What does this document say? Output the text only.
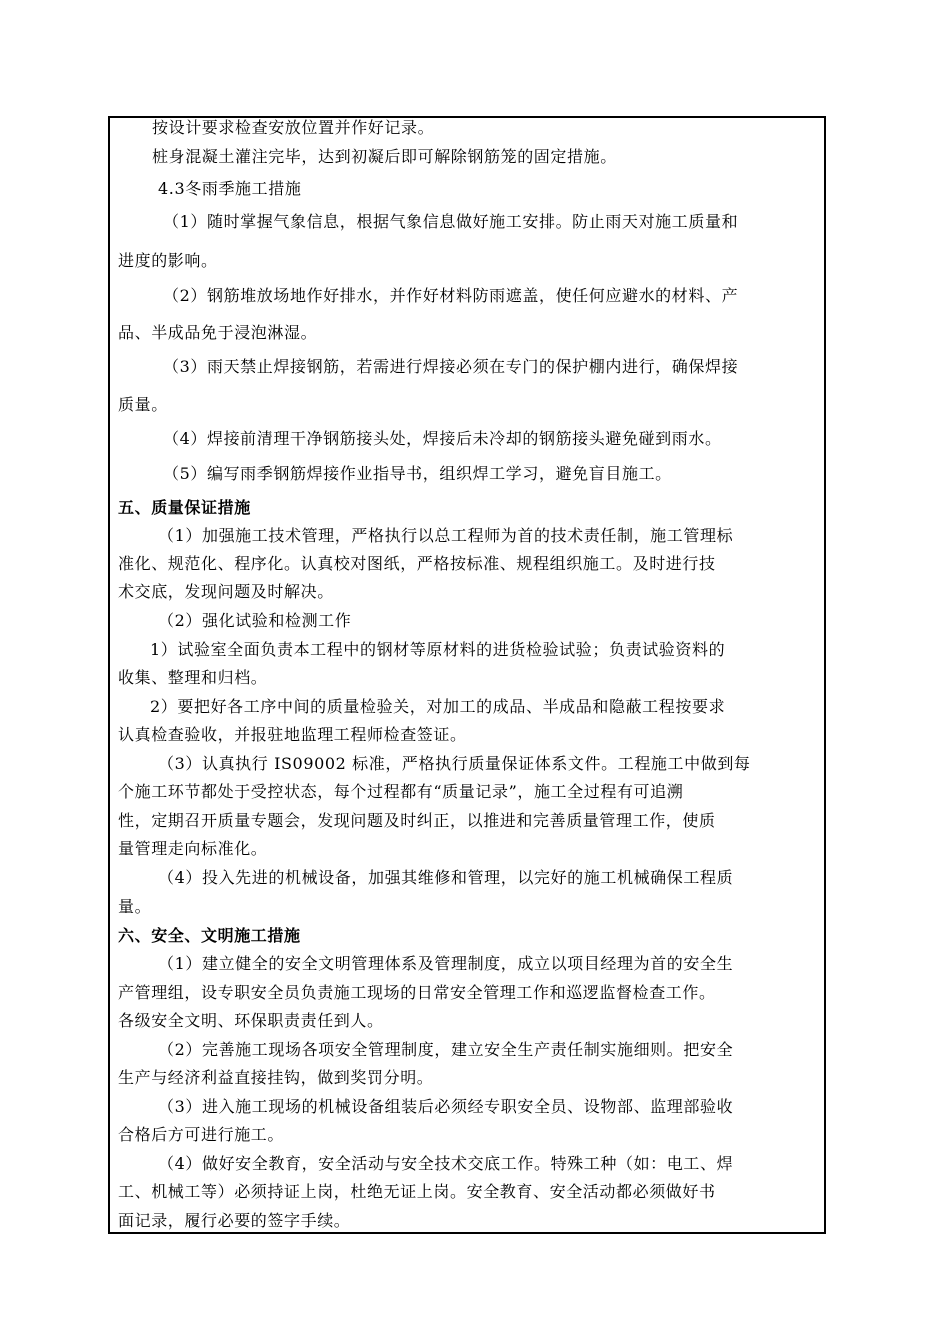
按设计要求检查安放位置并作好记录。
桩身混凝土灌注完毕，达到初凝后即可解除钢筋笼的固定措施。
4.3冬雨季施工措施
（1）随时掌握气象信息，根据气象信息做好施工安排。防止雨天对施工质量和
进度的影响。
（2）钢筋堆放场地作好排水，并作好材料防雨遮盖，使任何应避水的材料、产
品、半成品免于浸泡淋湿。
（3）雨天禁止焊接钢筋，若需进行焊接必须在专门的保护棚内进行，确保焊接
质量。
（4）焊接前清理干净钢筋接头处，焊接后未冷却的钢筋接头避免碰到雨水。
（5）编写雨季钢筋焊接作业指导书，组织焊工学习，避免盲目施工。
五、质量保证措施
（1）加强施工技术管理，严格执行以总工程师为首的技术责任制，施工管理标
准化、规范化、程序化。认真校对图纸，严格按标准、规程组织施工。及时进行技
术交底，发现问题及时解决。
（2）强化试验和检测工作
1）试验室全面负责本工程中的钢材等原材料的进货检验试验；负责试验资料的
收集、整理和归档。
2）要把好各工序中间的质量检验关，对加工的成品、半成品和隐蔽工程按要求
认真检查验收，并报驻地监理工程师检查签证。
（3）认真执行 IS09002 标准，严格执行质量保证体系文件。工程施工中做到每
个施工环节都处于受控状态，每个过程都有“质量记录”，施工全过程有可追溯
性，定期召开质量专题会，发现问题及时纠正，以推进和完善质量管理工作，使质
量管理走向标准化。
（4）投入先进的机械设备，加强其维修和管理，以完好的施工机械确保工程质
量。
六、安全、文明施工措施
（1）建立健全的安全文明管理体系及管理制度，成立以项目经理为首的安全生
产管理组，设专职安全员负责施工现场的日常安全管理工作和巡逻监督检查工作。
各级安全文明、环保职责责任到人。
（2）完善施工现场各项安全管理制度，建立安全生产责任制实施细则。把安全
生产与经济利益直接挂钩，做到奖罚分明。
（3）进入施工现场的机械设备组装后必须经专职安全员、设物部、监理部验收
合格后方可进行施工。
（4）做好安全教育，安全活动与安全技术交底工作。特殊工种（如：电工、焊
工、机械工等）必须持证上岗，杜绝无证上岗。安全教育、安全活动都必须做好书
面记录，履行必要的签字手续。
